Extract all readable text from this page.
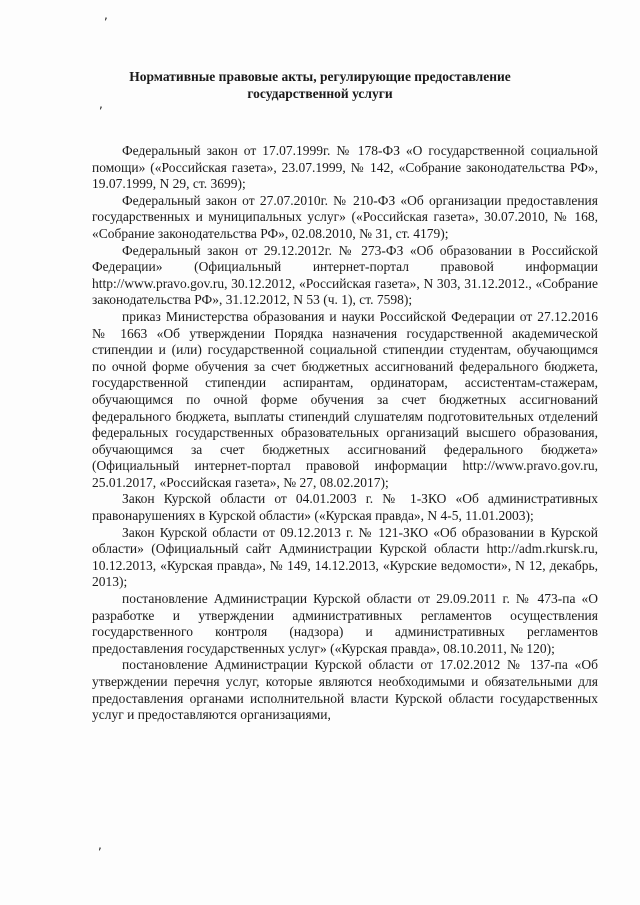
,
,
,
Нормативные правовые акты, регулирующие предоставление государственной услуги

Федеральный закон от 17.07.1999г. № 178-ФЗ «О государственной социальной помощи» («Российская газета», 23.07.1999, № 142, «Собрание законодательства РФ», 19.07.1999, N 29, ст. 3699);

Федеральный закон от 27.07.2010г. № 210-ФЗ «Об организации предоставления государственных и муниципальных услуг» («Российская газета», 30.07.2010, № 168, «Собрание законодательства РФ», 02.08.2010, № 31, ст. 4179);

Федеральный закон от 29.12.2012г. № 273-ФЗ «Об образовании в Российской Федерации» (Официальный интернет-портал правовой информации http://www.pravo.gov.ru, 30.12.2012, «Российская газета», N 303, 31.12.2012., «Собрание законодательства РФ», 31.12.2012, N 53 (ч. 1), ст. 7598);

приказ Министерства образования и науки Российской Федерации от 27.12.2016 № 1663 «Об утверждении Порядка назначения государственной академической стипендии и (или) государственной социальной стипендии студентам, обучающимся по очной форме обучения за счет бюджетных ассигнований федерального бюджета, государственной стипендии аспирантам, ординаторам, ассистентам-стажерам, обучающимся по очной форме обучения за счет бюджетных ассигнований федерального бюджета, выплаты стипендий слушателям подготовительных отделений федеральных государственных образовательных организаций высшего образования, обучающимся за счет бюджетных ассигнований федерального бюджета» (Официальный интернет-портал правовой информации http://www.pravo.gov.ru, 25.01.2017, «Российская газета», № 27, 08.02.2017);

Закон Курской области от 04.01.2003 г. № 1-ЗКО «Об административных правонарушениях в Курской области» («Курская правда», N 4-5, 11.01.2003);

Закон Курской области от 09.12.2013 г. № 121-ЗКО «Об образовании в Курской области» (Официальный сайт Администрации Курской области http://adm.rkursk.ru, 10.12.2013, «Курская правда», № 149, 14.12.2013, «Курские ведомости», N 12, декабрь, 2013);

постановление Администрации Курской области от 29.09.2011 г. № 473-па «О разработке и утверждении административных регламентов осуществления государственного контроля (надзора) и административных регламентов предоставления государственных услуг» («Курская правда», 08.10.2011, № 120);

постановление Администрации Курской области от 17.02.2012 № 137-па «Об утверждении перечня услуг, которые являются необходимыми и обязательными для предоставления органами исполнительной власти Курской области государственных услуг и предоставляются организациями,
